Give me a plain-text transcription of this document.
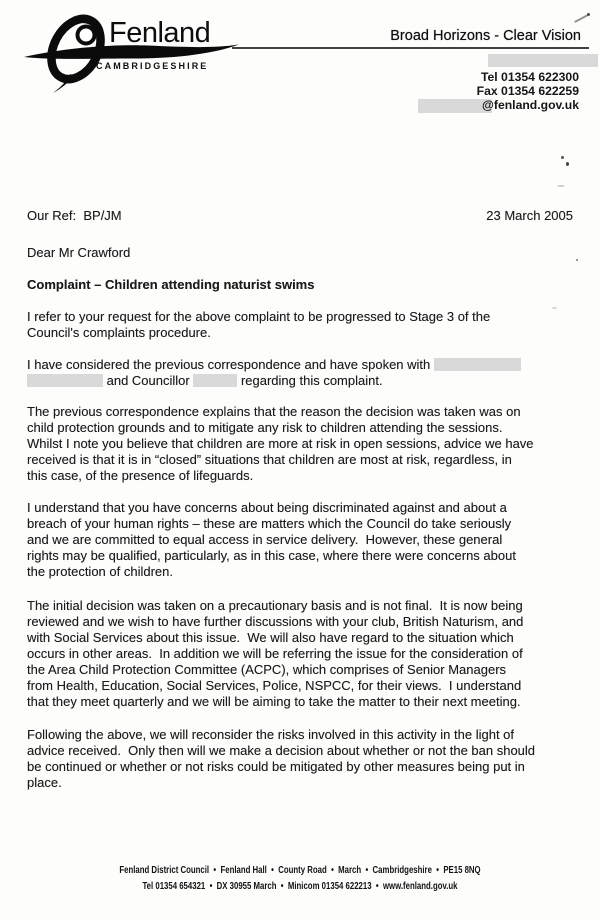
Fenland
CAMBRIDGESHIRE
Broad Horizons - Clear Vision
Tel 01354 622300
Fax 01354 622259
@fenland.gov.uk
Our Ref:  BP/JM	23 March 2005
Dear Mr Crawford
Complaint – Children attending naturist swims
I refer to your request for the above complaint to be progressed to Stage 3 of the
Council's complaints procedure.
I have considered the previous correspondence and have spoken with
and Councillor	regarding this complaint.
The previous correspondence explains that the reason the decision was taken was on
child protection grounds and to mitigate any risk to children attending the sessions.
Whilst I note you believe that children are more at risk in open sessions, advice we have
received is that it is in “closed” situations that children are most at risk, regardless, in
this case, of the presence of lifeguards.
I understand that you have concerns about being discriminated against and about a
breach of your human rights – these are matters which the Council do take seriously
and we are committed to equal access in service delivery.  However, these general
rights may be qualified, particularly, as in this case, where there were concerns about
the protection of children.
The initial decision was taken on a precautionary basis and is not final.  It is now being
reviewed and we wish to have further discussions with your club, British Naturism, and
with Social Services about this issue.  We will also have regard to the situation which
occurs in other areas.  In addition we will be referring the issue for the consideration of
the Area Child Protection Committee (ACPC), which comprises of Senior Managers
from Health, Education, Social Services, Police, NSPCC, for their views.  I understand
that they meet quarterly and we will be aiming to take the matter to their next meeting.
Following the above, we will reconsider the risks involved in this activity in the light of
advice received.  Only then will we make a decision about whether or not the ban should
be continued or whether or not risks could be mitigated by other measures being put in
place.
Fenland District Council  •  Fenland Hall  •  County Road  •  March  •  Cambridgeshire  •  PE15 8NQ
Tel 01354 654321  •  DX 30955 March  •  Minicom 01354 622213  •  www.fenland.gov.uk
